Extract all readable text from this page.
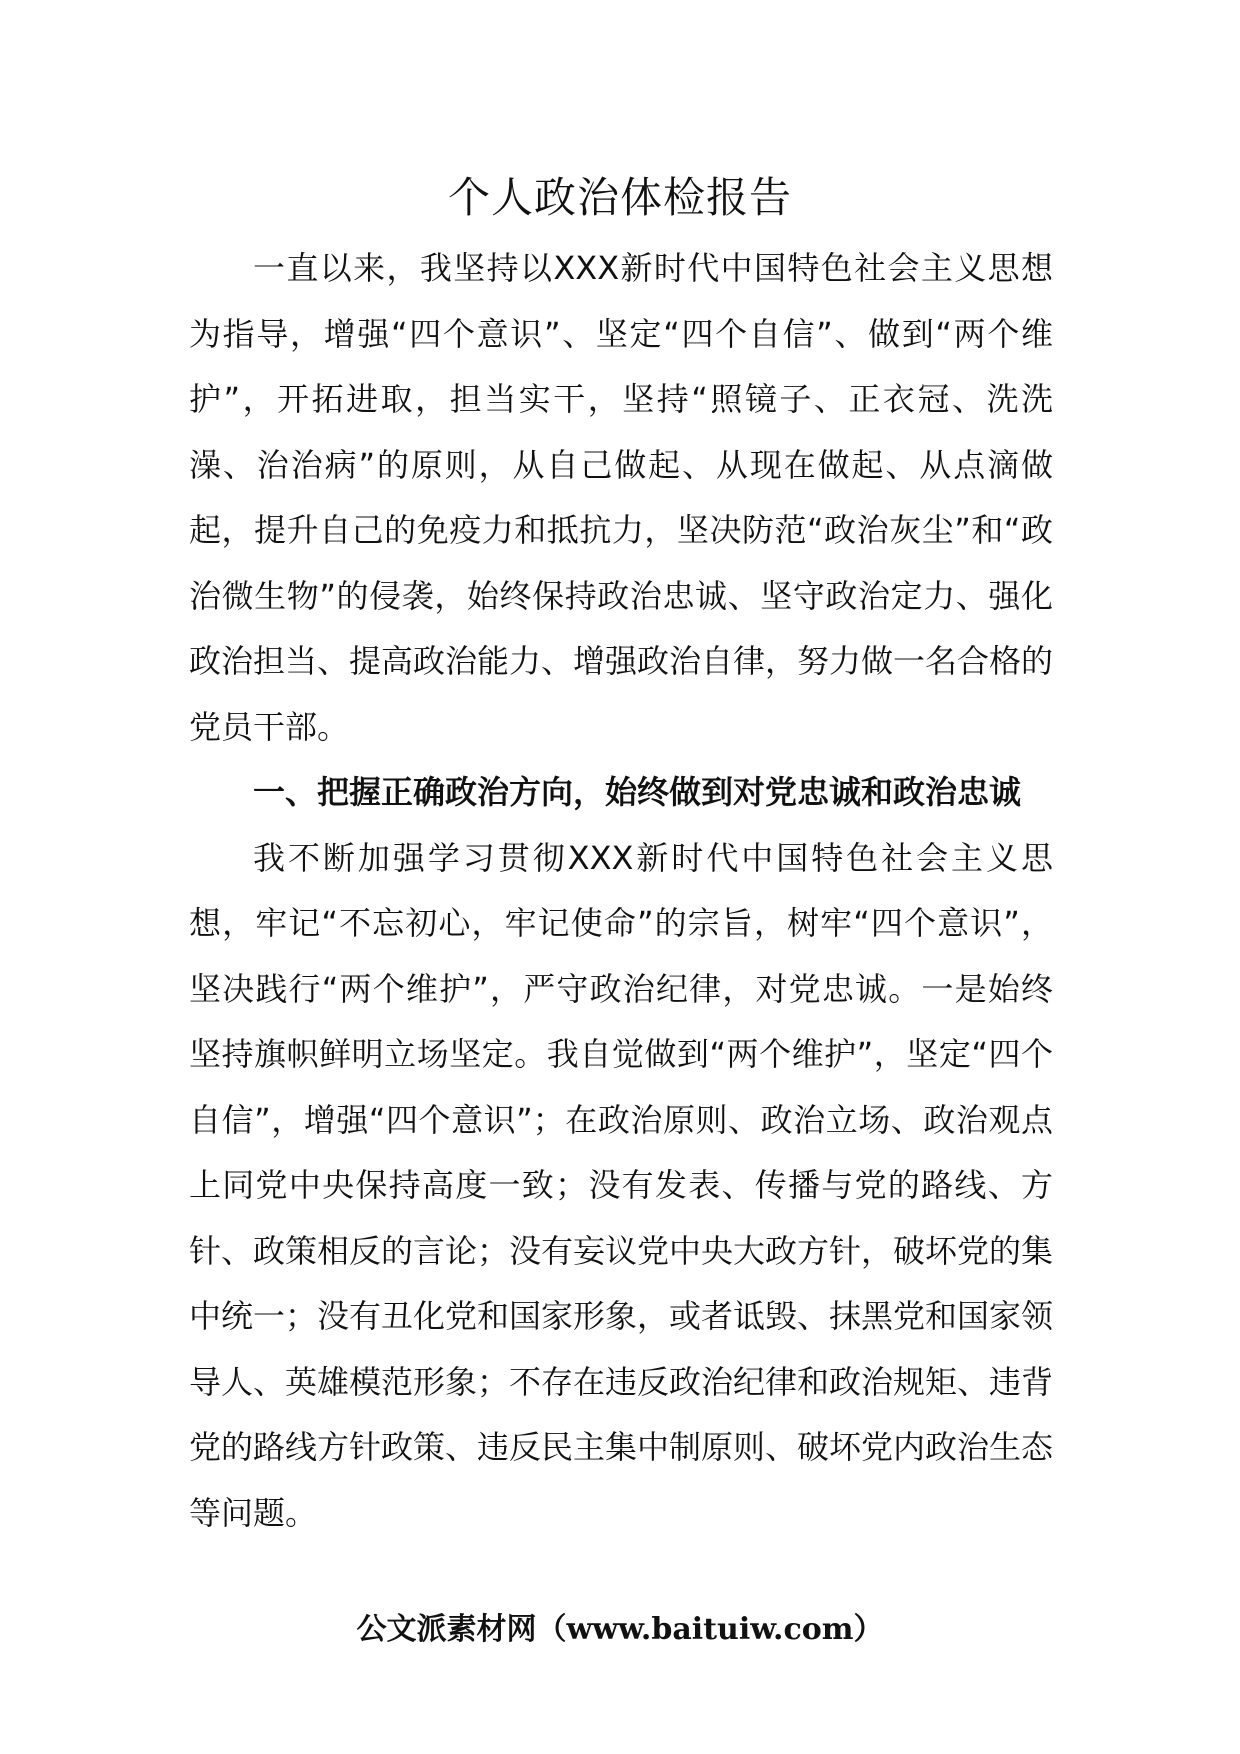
个人政治体检报告

一直以来，我坚持以XXX新时代中国特色社会主义思想为指导，增强“四个意识”、坚定“四个自信”、做到“两个维护”，开拓进取，担当实干，坚持“照镜子、正衣冠、洗洗澡、治治病”的原则，从自己做起、从现在做起、从点滴做起，提升自己的免疫力和抵抗力，坚决防范“政治灰尘”和“政治微生物”的侵袭，始终保持政治忠诚、坚守政治定力、强化政治担当、提高政治能力、增强政治自律，努力做一名合格的党员干部。

一、把握正确政治方向，始终做到对党忠诚和政治忠诚

我不断加强学习贯彻XXX新时代中国特色社会主义思想，牢记“不忘初心，牢记使命”的宗旨，树牢“四个意识”，坚决践行“两个维护”，严守政治纪律，对党忠诚。一是始终坚持旗帜鲜明立场坚定。我自觉做到“两个维护”，坚定“四个自信”，增强“四个意识”；在政治原则、政治立场、政治观点上同党中央保持高度一致；没有发表、传播与党的路线、方针、政策相反的言论；没有妄议党中央大政方针，破坏党的集中统一；没有丑化党和国家形象，或者诋毁、抹黑党和国家领导人、英雄模范形象；不存在违反政治纪律和政治规矩、违背党的路线方针政策、违反民主集中制原则、破坏党内政治生态等问题。

公文派素材网（www.baituiw.com）
